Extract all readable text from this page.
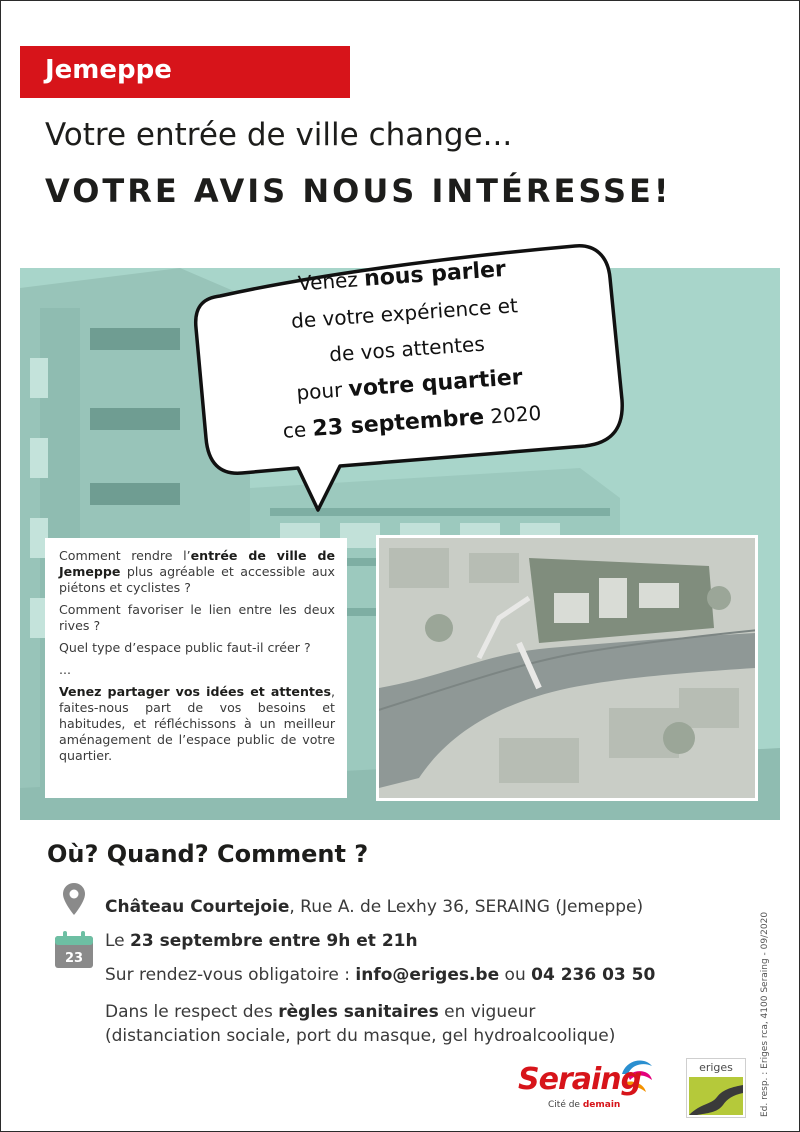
Jemeppe
Votre entrée de ville change...
VOTRE AVIS NOUS INTÉRESSE!
Venez nous parler
de votre expérience et
de vos attentes
pour votre quartier
ce 23 septembre 2020

Comment rendre l’entrée de ville de Jemeppe plus agréable et accessible aux piétons et cyclistes ?

Comment favoriser le lien entre les deux rives ?

Quel type d’espace public faut-il créer ?

...

Venez partager vos idées et attentes, faites-nous part de vos besoins et habitudes, et réfléchissons à un meilleur aménagement de l’espace public de votre quartier.

Où? Quand? Comment ?
23
Château Courtejoie, Rue A. de Lexhy 36, SERAING (Jemeppe)
Le 23 septembre entre 9h et 21h
Sur rendez-vous obligatoire : info@eriges.be ou 04 236 03 50
Dans le respect des règles sanitaires en vigueur
(distanciation sociale, port du masque, gel hydroalcoolique)	Ed. resp. : Eriges rca, 4100 Seraing - 09/2020
Seraing
Cité de demain
eriges
